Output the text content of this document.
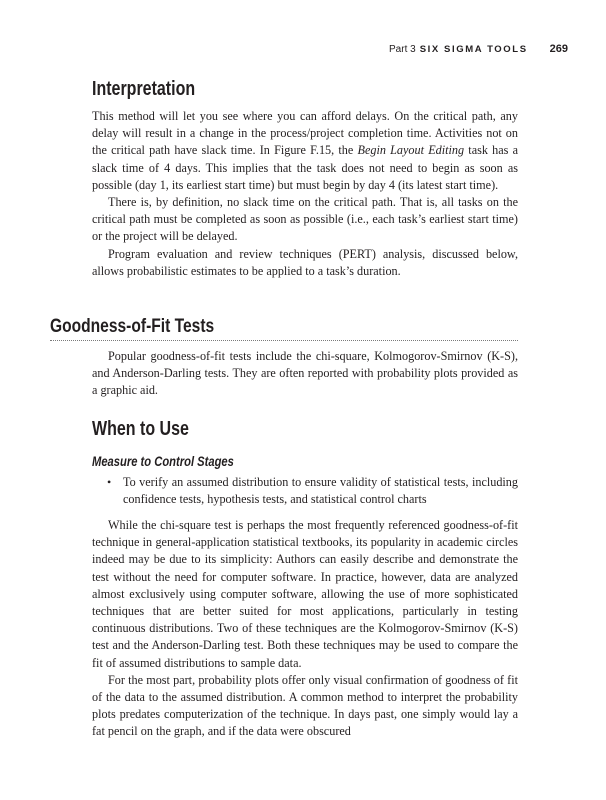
Part 3 SIX SIGMA TOOLS 269
Interpretation

This method will let you see where you can afford delays. On the critical path, any delay will result in a change in the process/project completion time. Activities not on the critical path have slack time. In Figure F.15, the Begin Layout Editing task has a slack time of 4 days. This implies that the task does not need to begin as soon as possible (day 1, its earliest start time) but must begin by day 4 (its latest start time).

There is, by definition, no slack time on the critical path. That is, all tasks on the critical path must be completed as soon as possible (i.e., each task’s earliest start time) or the project will be delayed.

Program evaluation and review techniques (PERT) analysis, discussed below, allows probabilistic estimates to be applied to a task’s duration.

Goodness-of-Fit Tests

Popular goodness-of-fit tests include the chi-square, Kolmogorov-Smirnov (K-S), and Anderson-Darling tests. They are often reported with probability plots provided as a graphic aid.

When to Use
Measure to Control Stages
• To verify an assumed distribution to ensure validity of statistical tests, including confidence tests, hypothesis tests, and statistical control charts

While the chi-square test is perhaps the most frequently referenced goodness-of-fit technique in general-application statistical textbooks, its popularity in academic circles indeed may be due to its simplicity: Authors can easily describe and demonstrate the test without the need for computer software. In practice, however, data are analyzed almost exclusively using computer software, allowing the use of more sophisticated techniques that are better suited for most applications, particularly in testing continuous distributions. Two of these techniques are the Kolmogorov-Smirnov (K-S) test and the Anderson-Darling test. Both these techniques may be used to compare the fit of assumed distributions to sample data.

For the most part, probability plots offer only visual confirmation of goodness of fit of the data to the assumed distribution. A common method to interpret the probability plots predates computerization of the technique. In days past, one simply would lay a fat pencil on the graph, and if the data were obscured
